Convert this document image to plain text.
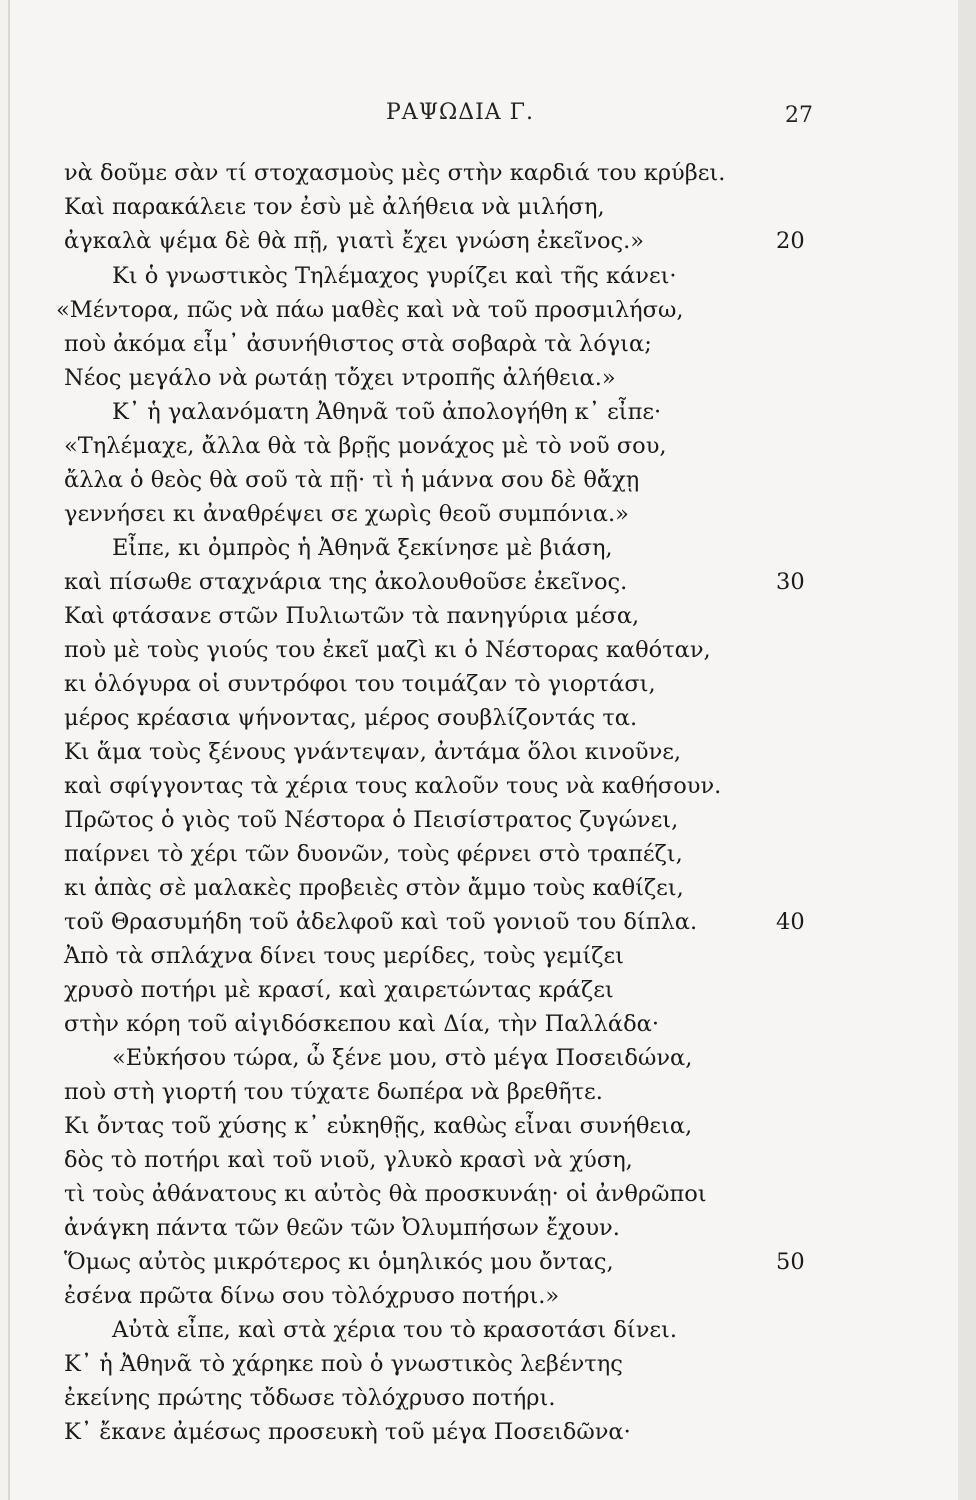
ΡΑΨΩΔΙΑ Γ.	27
νὰ δοῦμε σὰν τί στοχασμοὺς μὲς στὴν καρδιά του κρύβει.
Καὶ παρακάλειε τον ἐσὺ μὲ ἀλήθεια νὰ μιλήση,
ἀγκαλὰ ψέμα δὲ θὰ πῇ, γιατὶ ἔχει γνώση ἐκεῖνος.»
Κι ὁ γνωστικὸς Τηλέμαχος γυρίζει καὶ τῆς κάνει·
«Μέντορα, πῶς νὰ πάω μαθὲς καὶ νὰ τοῦ προσμιλήσω,
ποὺ ἀκόμα εἶμ᾿ ἀσυνήθιστος στὰ σοβαρὰ τὰ λόγια;
Νέος μεγάλο νὰ ρωτάῃ τὄχει ντροπῆς ἀλήθεια.»
Κ᾿ ἡ γαλανόματη Ἀθηνᾶ τοῦ ἀπολογήθη κ᾿ εἶπε·
«Τηλέμαχε, ἄλλα θὰ τὰ βρῇς μονάχος μὲ τὸ νοῦ σου,
ἄλλα ὁ θεὸς θὰ σοῦ τὰ πῇ· τὶ ἡ μάννα σου δὲ θἄχῃ
γεννήσει κι ἀναθρέψει σε χωρὶς θεοῦ συμπόνια.»
Εἶπε, κι ὀμπρὸς ἡ Ἀθηνᾶ ξεκίνησε μὲ βιάση,
καὶ πίσωθε σταχνάρια της ἀκολουθοῦσε ἐκεῖνος.
Καὶ φτάσανε στῶν Πυλιωτῶν τὰ πανηγύρια μέσα,
ποὺ μὲ τοὺς γιούς του ἐκεῖ μαζὶ κι ὁ Νέστορας καθόταν,
κι ὁλόγυρα οἱ συντρόφοι του τοιμάζαν τὸ γιορτάσι,
μέρος κρέασια ψήνοντας, μέρος σουβλίζοντάς τα.
Κι ἅμα τοὺς ξένους γνάντεψαν, ἀντάμα ὅλοι κινοῦνε,
καὶ σφίγγοντας τὰ χέρια τους καλοῦν τους νὰ καθήσουν.
Πρῶτος ὁ γιὸς τοῦ Νέστορα ὁ Πεισίστρατος ζυγώνει,
παίρνει τὸ χέρι τῶν δυονῶν, τοὺς φέρνει στὸ τραπέζι,
κι ἀπὰς σὲ μαλακὲς προβειὲς στὸν ἄμμο τοὺς καθίζει,
τοῦ Θρασυμήδη τοῦ ἀδελφοῦ καὶ τοῦ γονιοῦ του δίπλα.
Ἀπὸ τὰ σπλάχνα δίνει τους μερίδες, τοὺς γεμίζει
χρυσὸ ποτήρι μὲ κρασί, καὶ χαιρετώντας κράζει
στὴν κόρη τοῦ αἰγιδόσκεπου καὶ Δία, τὴν Παλλάδα·
«Εὐκήσου τώρα, ὦ ξένε μου, στὸ μέγα Ποσειδώνα,
ποὺ στὴ γιορτή του τύχατε δωπέρα νὰ βρεθῆτε.
Κι ὄντας τοῦ χύσης κ᾿ εὐκηθῇς, καθὼς εἶναι συνήθεια,
δὸς τὸ ποτήρι καὶ τοῦ νιοῦ, γλυκὸ κρασὶ νὰ χύση,
τὶ τοὺς ἀθάνατους κι αὐτὸς θὰ προσκυνάῃ· οἱ ἀνθρῶποι
ἀνάγκη πάντα τῶν θεῶν τῶν Ὀλυμπήσων ἔχουν.
Ὅμως αὐτὸς μικρότερος κι ὁμηλικός μου ὄντας,
ἐσένα πρῶτα δίνω σου τὸλόχρυσο ποτήρι.»
Αὐτὰ εἶπε, καὶ στὰ χέρια του τὸ κρασοτάσι δίνει.
Κ᾿ ἡ Ἀθηνᾶ τὸ χάρηκε ποὺ ὁ γνωστικὸς λεβέντης
ἐκείνης πρώτης τὄδωσε τὸλόχρυσο ποτήρι.
Κ᾿ ἔκανε ἀμέσως προσευκὴ τοῦ μέγα Ποσειδῶνα·
20
30
40
50
